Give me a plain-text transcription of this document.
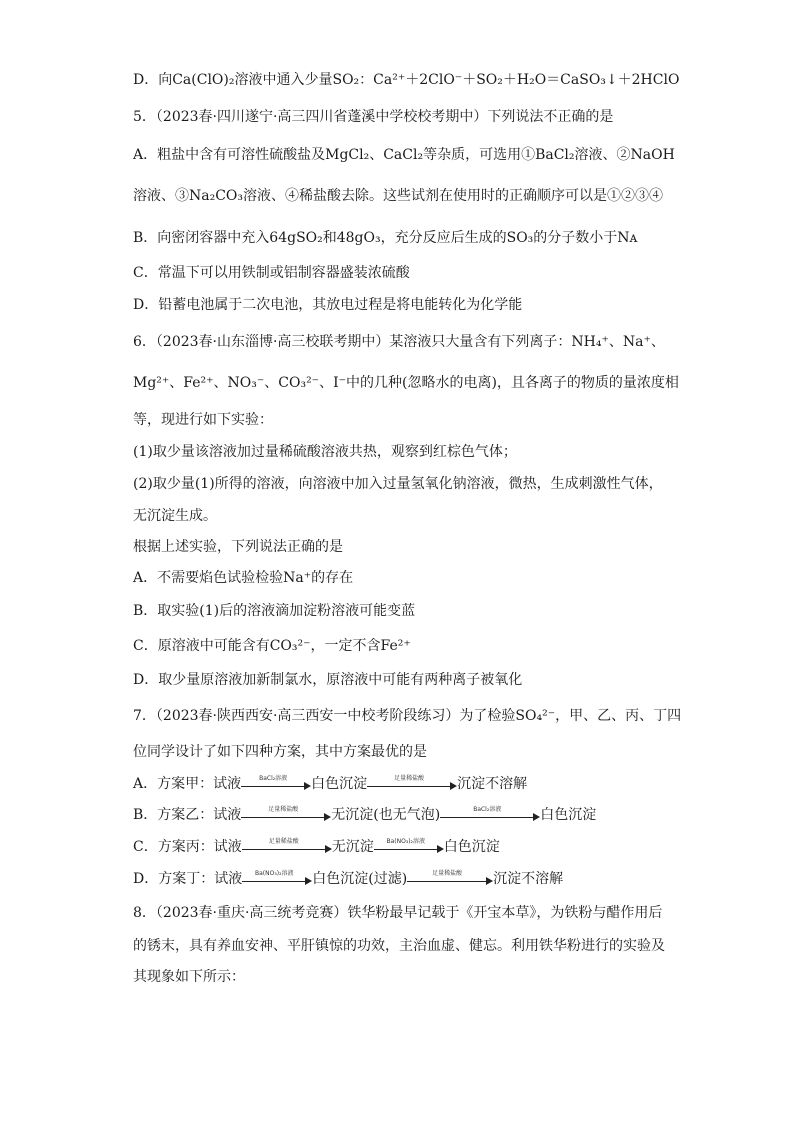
D．向Ca(ClO)₂溶液中通入少量SO₂：Ca²⁺＋2ClO⁻＋SO₂＋H₂O＝CaSO₃↓＋2HClO
5．（2023春·四川遂宁·高三四川省蓬溪中学校校考期中）下列说法不正确的是
A．粗盐中含有可溶性硫酸盐及MgCl₂、CaCl₂等杂质，可选用①BaCl₂溶液、②NaOH
溶液、③Na₂CO₃溶液、④稀盐酸去除。这些试剂在使用时的正确顺序可以是①②③④
B．向密闭容器中充入64gSO₂和48gO₃，充分反应后生成的SO₃的分子数小于Nᴀ
C．常温下可以用铁制或铝制容器盛装浓硫酸
D．铅蓄电池属于二次电池，其放电过程是将电能转化为化学能
6．（2023春·山东淄博·高三校联考期中）某溶液只大量含有下列离子：NH₄⁺、Na⁺、
Mg²⁺、Fe²⁺、NO₃⁻、CO₃²⁻、I⁻中的几种(忽略水的电离)，且各离子的物质的量浓度相
等，现进行如下实验：
(1)取少量该溶液加过量稀硫酸溶液共热，观察到红棕色气体；
(2)取少量(1)所得的溶液，向溶液中加入过量氢氧化钠溶液，微热，生成刺激性气体，
无沉淀生成。
根据上述实验，下列说法正确的是
A．不需要焰色试验检验Na⁺的存在
B．取实验(1)后的溶液滴加淀粉溶液可能变蓝
C．原溶液中可能含有CO₃²⁻，一定不含Fe²⁺
D．取少量原溶液加新制氯水，原溶液中可能有两种离子被氧化
7．（2023春·陕西西安·高三西安一中校考阶段练习）为了检验SO₄²⁻，甲、乙、丙、丁四
位同学设计了如下四种方案，其中方案最优的是
A．方案甲：试液	BaCl₂溶液	白色沉淀	足量稀盐酸	沉淀不溶解
B．方案乙：试液	足量稀盐酸	无沉淀(也无气泡)	BaCl₂溶液	白色沉淀
C．方案丙：试液	足量稀盐酸	无沉淀	Ba(NO₃)₂溶液	白色沉淀
D．方案丁：试液	Ba(NO₃)₂溶液	白色沉淀(过滤)	足量稀盐酸	沉淀不溶解
8．（2023春·重庆·高三统考竞赛）铁华粉最早记载于《开宝本草》，为铁粉与醋作用后
的锈末，具有养血安神、平肝镇惊的功效，主治血虚、健忘。利用铁华粉进行的实验及
其现象如下所示：
